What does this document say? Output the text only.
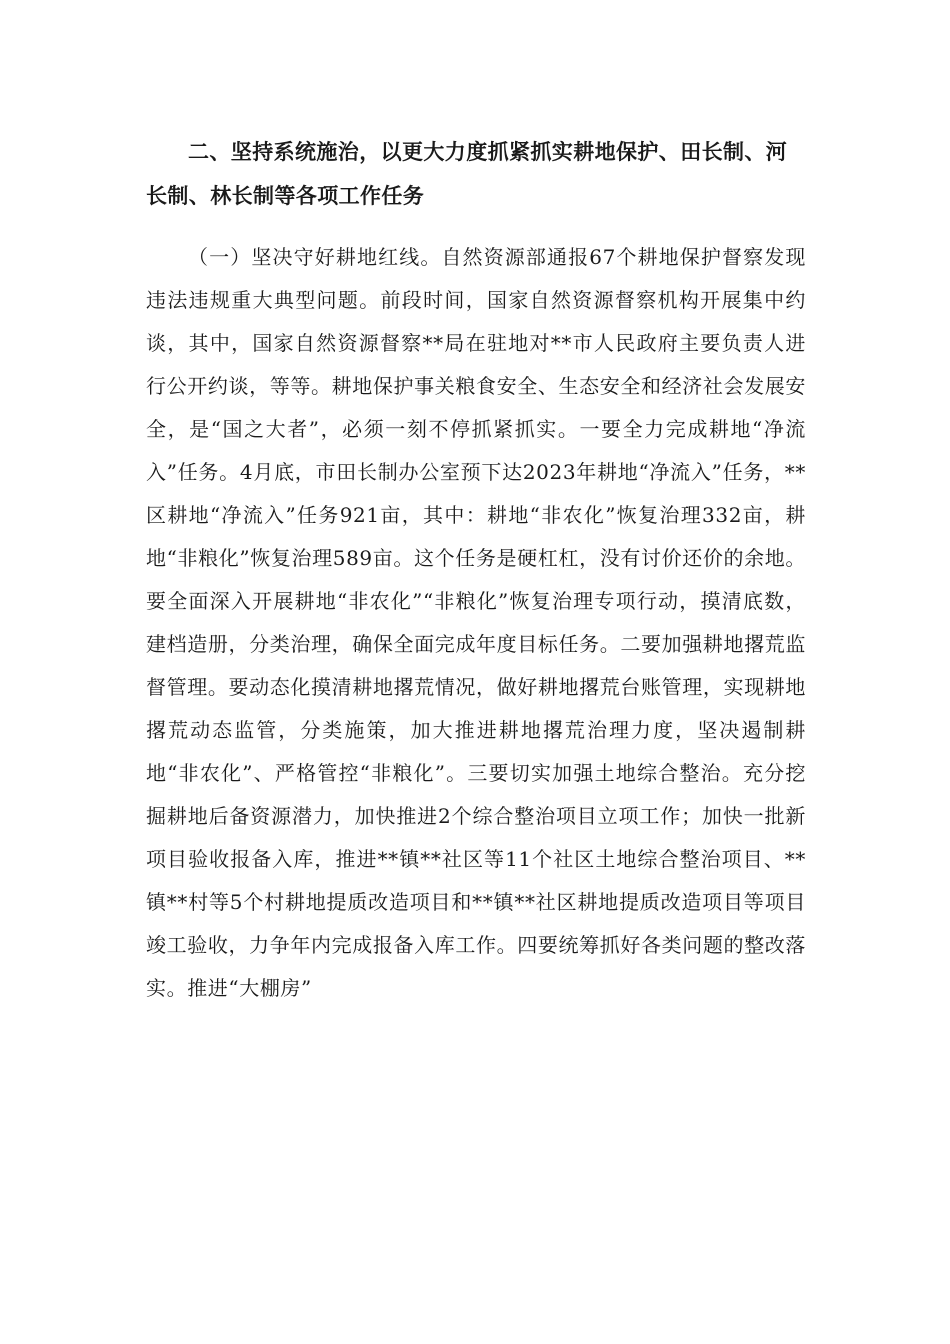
二、坚持系统施治，以更大力度抓紧抓实耕地保护、田长制、河长制、林长制等各项工作任务

（一）坚决守好耕地红线。自然资源部通报67个耕地保护督察发现违法违规重大典型问题。前段时间，国家自然资源督察机构开展集中约谈，其中，国家自然资源督察**局在驻地对**市人民政府主要负责人进行公开约谈，等等。耕地保护事关粮食安全、生态安全和经济社会发展安全，是“国之大者”，必须一刻不停抓紧抓实。一要全力完成耕地“净流入”任务。4月底，市田长制办公室预下达2023年耕地“净流入”任务，**区耕地“净流入”任务921亩，其中：耕地“非农化”恢复治理332亩，耕地“非粮化”恢复治理589亩。这个任务是硬杠杠，没有讨价还价的余地。要全面深入开展耕地“非农化”“非粮化”恢复治理专项行动，摸清底数，建档造册，分类治理，确保全面完成年度目标任务。二要加强耕地撂荒监督管理。要动态化摸清耕地撂荒情况，做好耕地撂荒台账管理，实现耕地撂荒动态监管，分类施策，加大推进耕地撂荒治理力度，坚决遏制耕地“非农化”、严格管控“非粮化”。三要切实加强土地综合整治。充分挖掘耕地后备资源潜力，加快推进2个综合整治项目立项工作；加快一批新项目验收报备入库，推进**镇**社区等11个社区土地综合整治项目、**镇**村等5个村耕地提质改造项目和**镇**社区耕地提质改造项目等项目竣工验收，力争年内完成报备入库工作。四要统筹抓好各类问题的整改落实。推进“大棚房”
